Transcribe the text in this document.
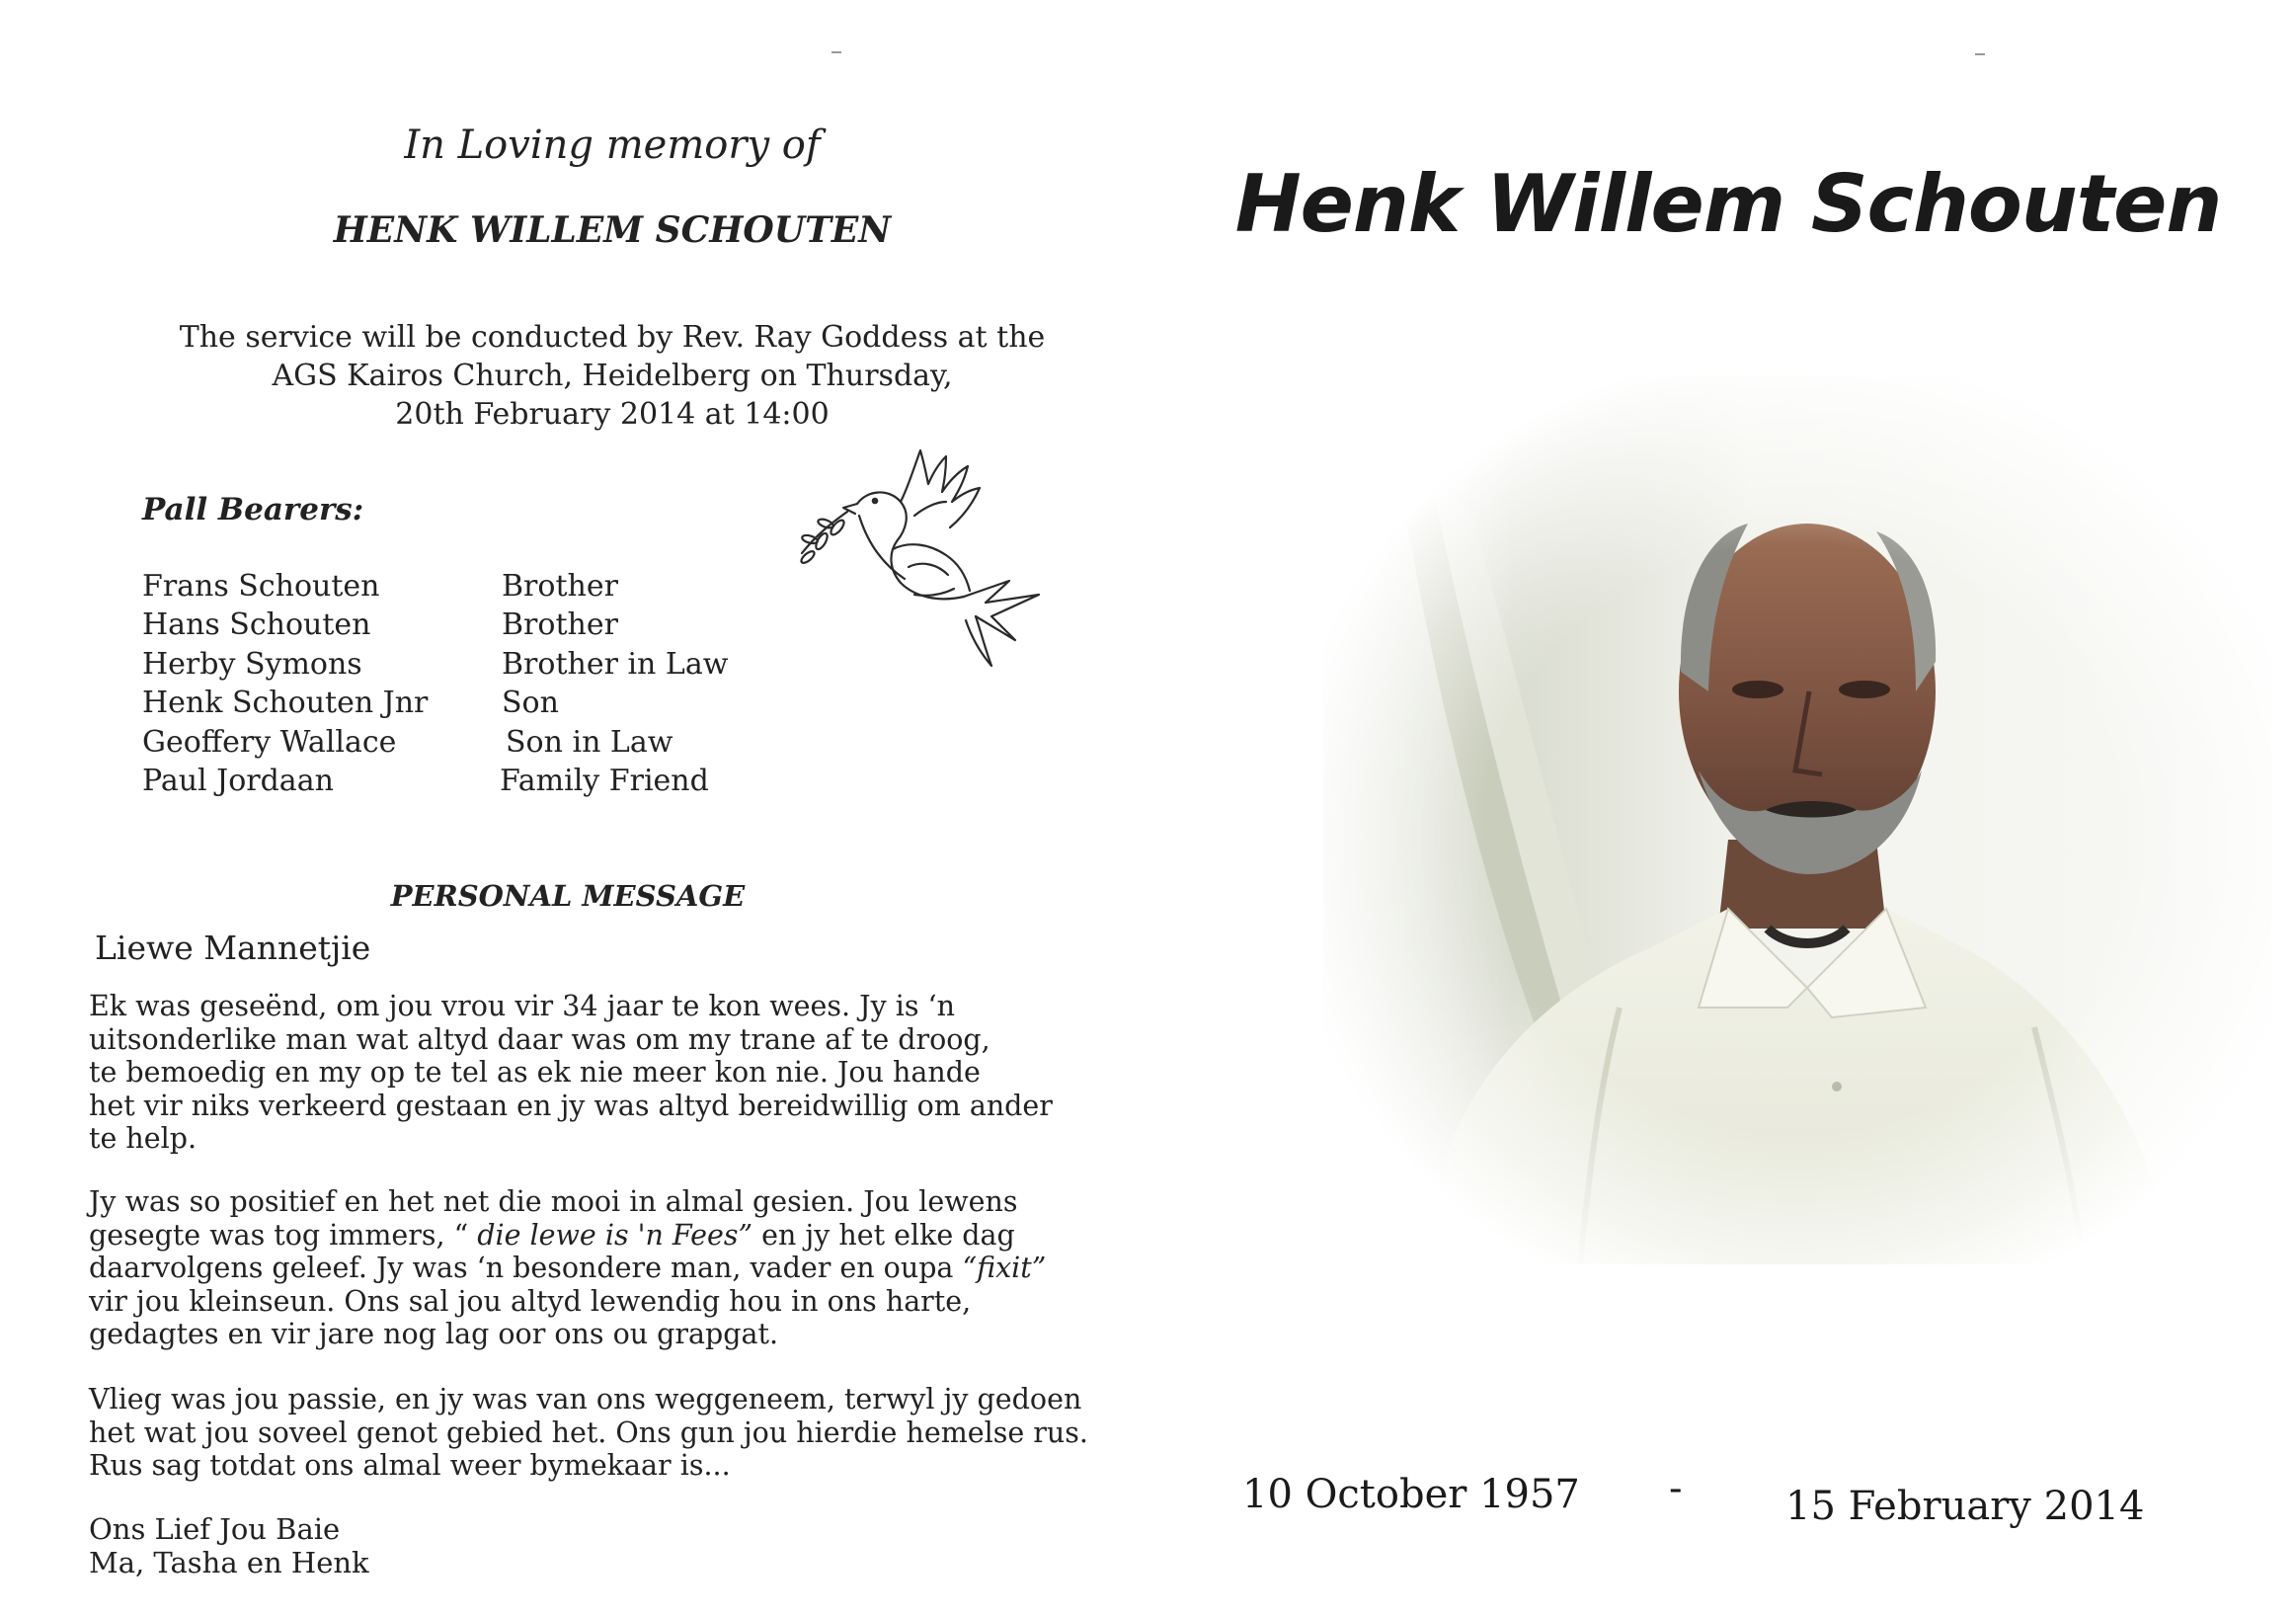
In Loving memory of
HENK WILLEM SCHOUTEN
The service will be conducted by Rev. Ray Goddess at the
AGS Kairos Church, Heidelberg on Thursday,
20th February 2014 at 14:00
Pall Bearers:
Frans Schouten	Brother
Hans Schouten	Brother
Herby Symons	Brother in Law
Henk Schouten Jnr	Son
Geoffery Wallace	Son in Law
Paul Jordaan	Family Friend
PERSONAL MESSAGE
Liewe Mannetjie
Ek was geseënd, om jou vrou vir 34 jaar te kon wees. Jy is ‘n
uitsonderlike man wat altyd daar was om my trane af te droog,
te bemoedig en my op te tel as ek nie meer kon nie. Jou hande
het vir niks verkeerd gestaan en jy was altyd bereidwillig om ander
te help.
Jy was so positief en het net die mooi in almal gesien. Jou lewens
gesegte was tog immers, “ die lewe is 'n Fees” en jy het elke dag
daarvolgens geleef. Jy was ‘n besondere man, vader en oupa “fixit”
vir jou kleinseun. Ons sal jou altyd lewendig hou in ons harte,
gedagtes en vir jare nog lag oor ons ou grapgat.
Vlieg was jou passie, en jy was van ons weggeneem, terwyl jy gedoen
het wat jou soveel genot gebied het. Ons gun jou hierdie hemelse rus.
Rus sag totdat ons almal weer bymekaar is...
Ons Lief Jou Baie
Ma, Tasha en Henk
Henk Willem Schouten
10 October 1957 -	15 February 2014
